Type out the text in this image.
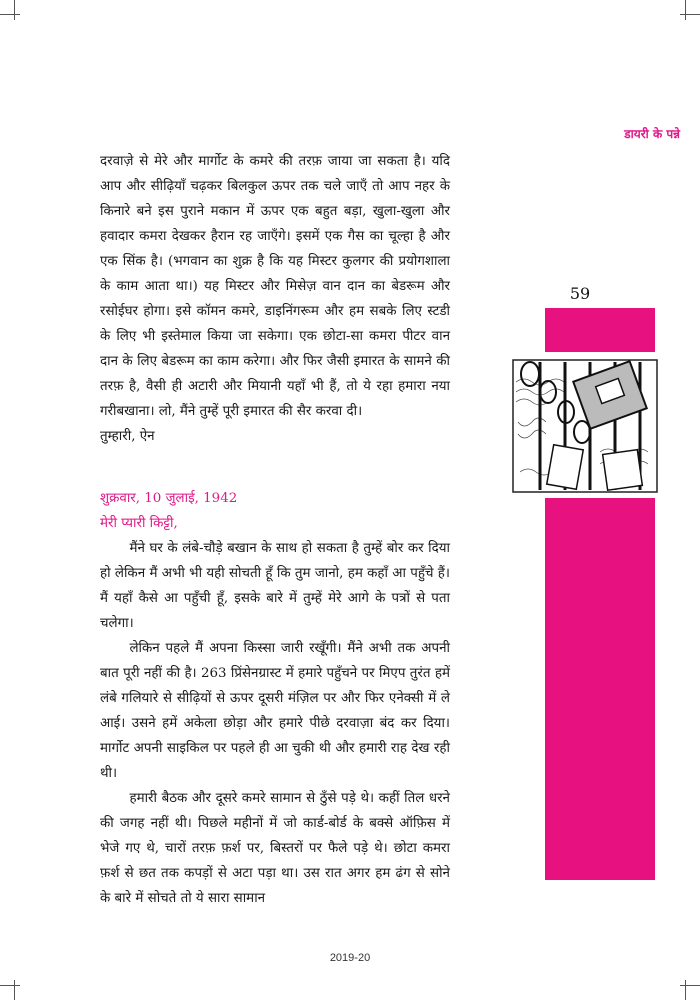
डायरी के पन्ने
59

दरवाज़े से मेरे और मार्गोट के कमरे की तरफ़ जाया जा सकता है। यदि आप और सीढ़ियाँ चढ़कर बिलकुल ऊपर तक चले जाएँ तो आप नहर के किनारे बने इस पुराने मकान में ऊपर एक बहुत बड़ा, खुला-खुला और हवादार कमरा देखकर हैरान रह जाएँगे। इसमें एक गैस का चूल्हा है और एक सिंक है। (भगवान का शुक्र है कि यह मिस्टर कुलगर की प्रयोगशाला के काम आता था।) यह मिस्टर और मिसेज़ वान दान का बेडरूम और रसोईघर होगा। इसे कॉमन कमरे, डाइनिंगरूम और हम सबके लिए स्टडी के लिए भी इस्तेमाल किया जा सकेगा। एक छोटा-सा कमरा पीटर वान दान के लिए बेडरूम का काम करेगा। और फिर जैसी इमारत के सामने की तरफ़ है, वैसी ही अटारी और मियानी यहाँ भी हैं, तो ये रहा हमारा नया गरीबखाना। लो, मैंने तुम्हें पूरी इमारत की सैर करवा दी।

तुम्हारी, ऐन

शुक्रवार, 10 जुलाई, 1942

मेरी प्यारी किट्टी,

मैंने घर के लंबे-चौड़े बखान के साथ हो सकता है तुम्हें बोर कर दिया हो लेकिन मैं अभी भी यही सोचती हूँ कि तुम जानो, हम कहाँ आ पहुँचे हैं। मैं यहाँ कैसे आ पहुँची हूँ, इसके बारे में तुम्हें मेरे आगे के पत्रों से पता चलेगा।

लेकिन पहले मैं अपना किस्सा जारी रखूँगी। मैंने अभी तक अपनी बात पूरी नहीं की है। 263 प्रिंसेनग्रास्ट में हमारे पहुँचने पर मिएप तुरंत हमें लंबे गलियारे से सीढ़ियों से ऊपर दूसरी मंज़िल पर और फिर एनेक्सी में ले आई। उसने हमें अकेला छोड़ा और हमारे पीछे दरवाज़ा बंद कर दिया। मार्गोट अपनी साइकिल पर पहले ही आ चुकी थी और हमारी राह देख रही थी।

हमारी बैठक और दूसरे कमरे सामान से ठुँसे पड़े थे। कहीं तिल धरने की जगह नहीं थी। पिछले महीनों में जो कार्ड-बोर्ड के बक्से ऑफ़िस में भेजे गए थे, चारों तरफ़ फ़र्श पर, बिस्तरों पर फैले पड़े थे। छोटा कमरा फ़र्श से छत तक कपड़ों से अटा पड़ा था। उस रात अगर हम ढंग से सोने के बारे में सोचते तो ये सारा सामान

2019-20
